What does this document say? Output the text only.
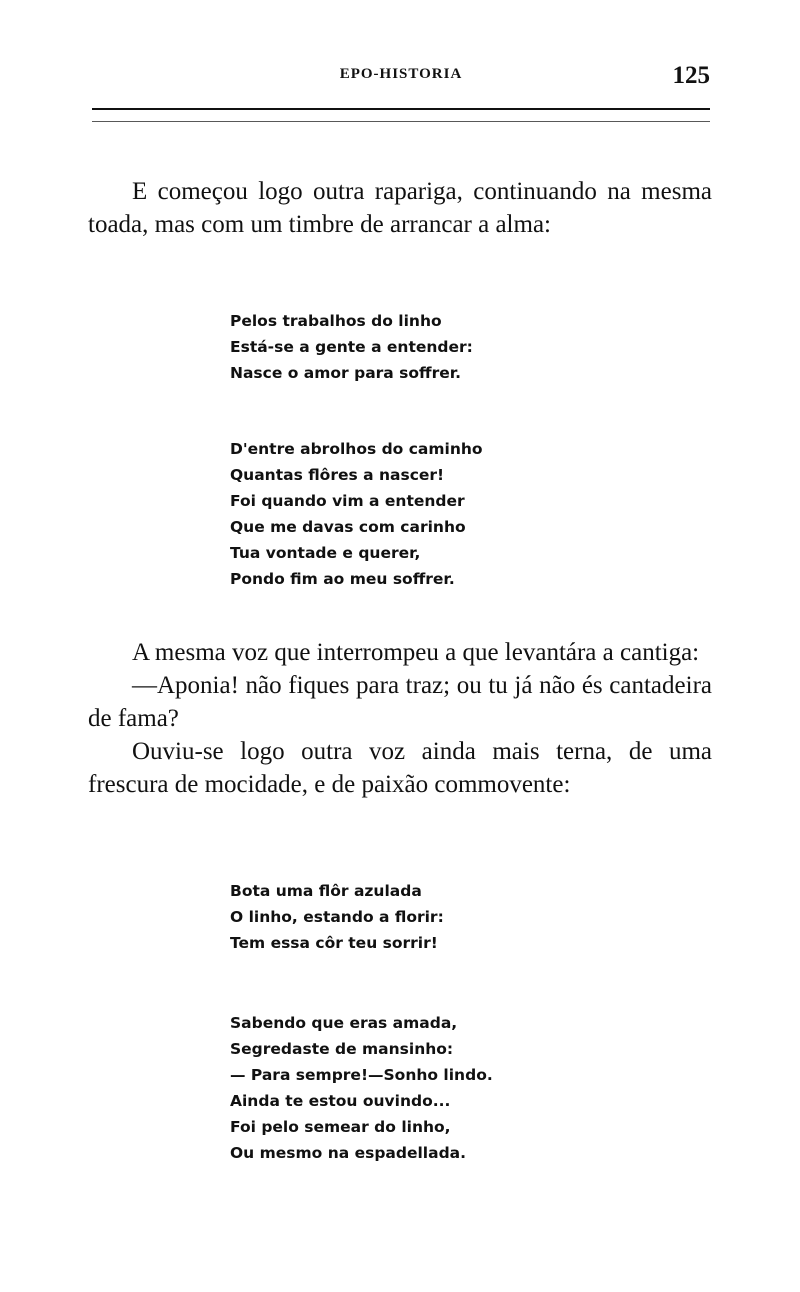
EPO-HISTORIA	125

E começou logo outra rapariga, continuando na mesma toada, mas com um timbre de arrancar a alma:

Pelos trabalhos do linho
Está-se a gente a entender:
Nasce o amor para soffrer.
D'entre abrolhos do caminho
Quantas flôres a nascer!
Foi quando vim a entender
Que me davas com carinho
Tua vontade e querer,
Pondo fim ao meu soffrer.

A mesma voz que interrompeu a que levantára a cantiga:

—Aponia! não fiques para traz; ou tu já não és cantadeira de fama?

Ouviu-se logo outra voz ainda mais terna, de uma frescura de mocidade, e de paixão commovente:

Bota uma flôr azulada
O linho, estando a florir:
Tem essa côr teu sorrir!
Sabendo que eras amada,
Segredaste de mansinho:
— Para sempre!—Sonho lindo.
Ainda te estou ouvindo...
Foi pelo semear do linho,
Ou mesmo na espadellada.
